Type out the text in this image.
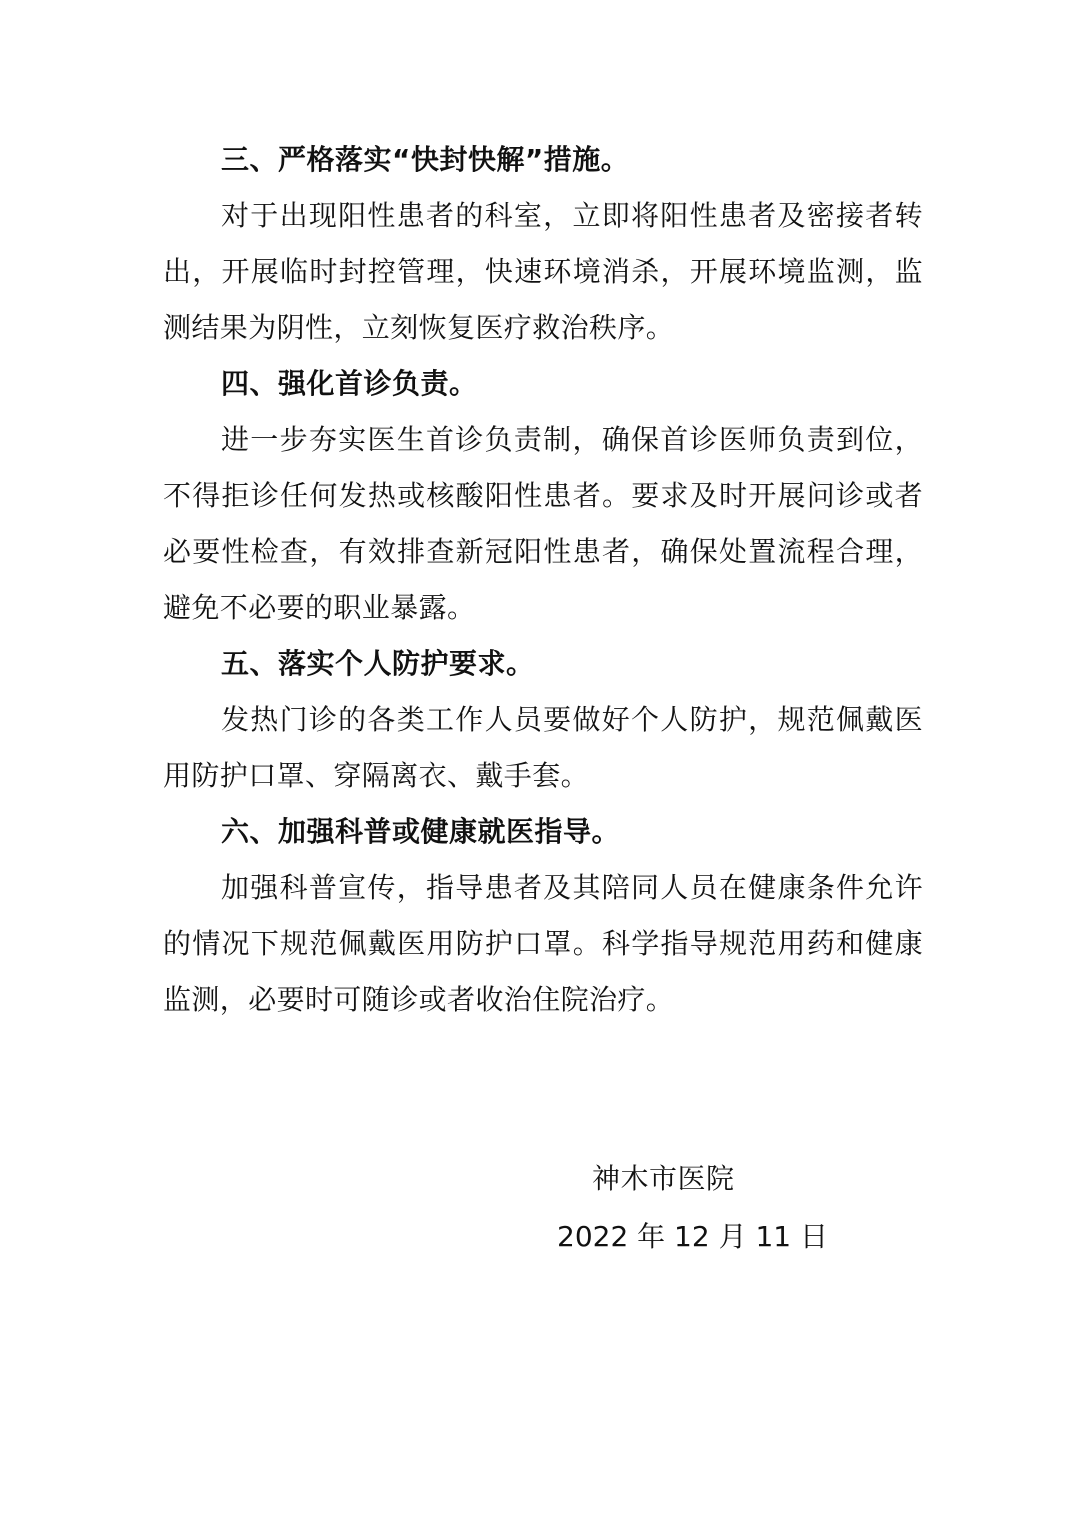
三、严格落实“快封快解”措施。

对于出现阳性患者的科室，立即将阳性患者及密接者转出，开展临时封控管理，快速环境消杀，开展环境监测，监测结果为阴性，立刻恢复医疗救治秩序。

四、强化首诊负责。

进一步夯实医生首诊负责制，确保首诊医师负责到位，不得拒诊任何发热或核酸阳性患者。要求及时开展问诊或者必要性检查，有效排查新冠阳性患者，确保处置流程合理，避免不必要的职业暴露。

五、落实个人防护要求。

发热门诊的各类工作人员要做好个人防护，规范佩戴医用防护口罩、穿隔离衣、戴手套。

六、加强科普或健康就医指导。

加强科普宣传，指导患者及其陪同人员在健康条件允许的情况下规范佩戴医用防护口罩。科学指导规范用药和健康监测，必要时可随诊或者收治住院治疗。

神木市医院

2022 年 12 月 11 日
